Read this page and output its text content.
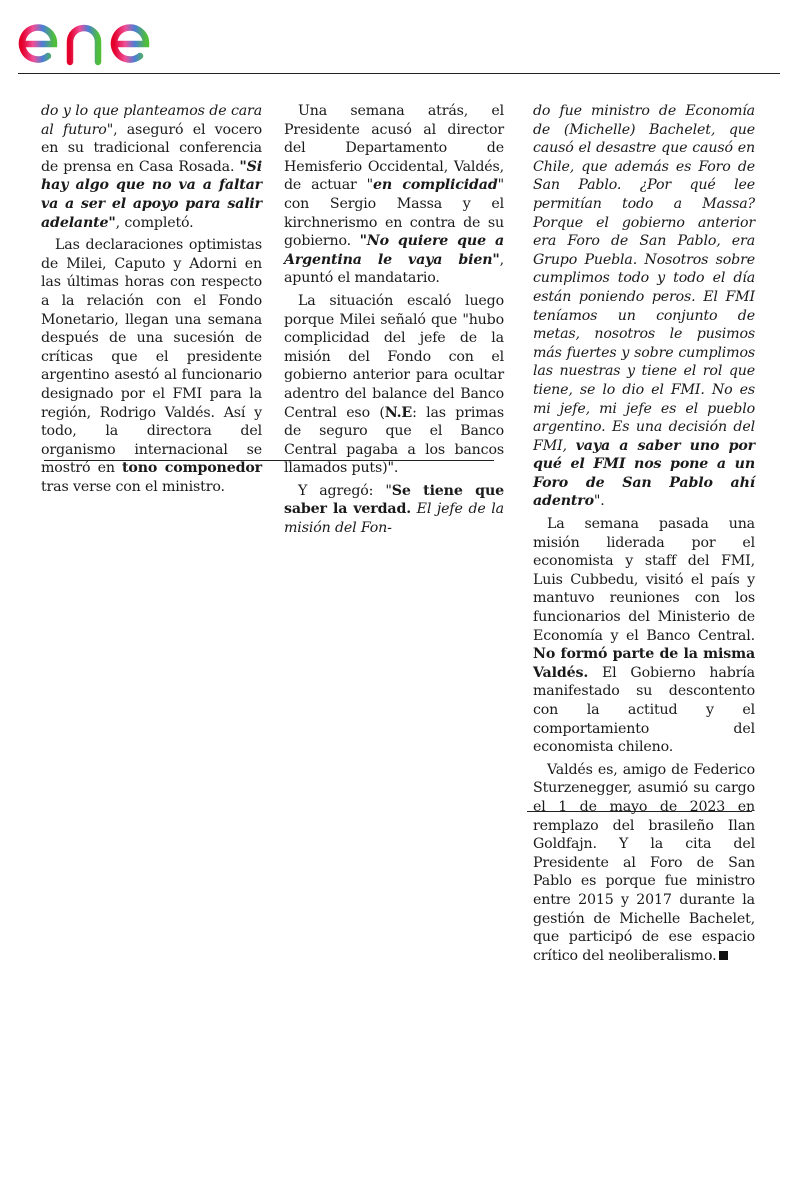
do y lo que planteamos de cara al futuro", aseguró el vocero en su tradicional conferencia de prensa en Casa Rosada. "Si hay algo que no va a faltar va a ser el apoyo para salir adelante", completó.

Las declaraciones optimistas de Milei, Caputo y Adorni en las últimas horas con respecto a la relación con el Fondo Monetario, llegan una semana después de una sucesión de críticas que el presidente argentino asestó al funcionario designado por el FMI para la región, Rodrigo Valdés. Así y todo, la directora del organismo internacional se mostró en tono componedor tras verse con el ministro.

Una semana atrás, el Presidente acusó al director del Departamento de Hemisferio Occidental, Valdés, de actuar "en complicidad" con Sergio Massa y el kirchnerismo en contra de su gobierno. "No quiere que a Argentina le vaya bien", apuntó el mandatario.

La situación escaló luego porque Milei señaló que "hubo complicidad del jefe de la misión del Fondo con el gobierno anterior para ocultar adentro del balance del Banco Central eso (N.E: las primas de seguro que el Banco Central pagaba a los bancos llamados puts)".

Y agregó: "Se tiene que saber la verdad. El jefe de la misión del Fon-

do fue ministro de Economía de (Michelle) Bachelet, que causó el desastre que causó en Chile, que además es Foro de San Pablo. ¿Por qué lee permitían todo a Massa? Porque el gobierno anterior era Foro de San Pablo, era Grupo Puebla. Nosotros sobre cumplimos todo y todo el día están poniendo peros. El FMI teníamos un conjunto de metas, nosotros le pusimos más fuertes y sobre cumplimos las nuestras y tiene el rol que tiene, se lo dio el FMI. No es mi jefe, mi jefe es el pueblo argentino. Es una decisión del FMI, vaya a saber uno por qué el FMI nos pone a un Foro de San Pablo ahí adentro".

La semana pasada una misión liderada por el economista y staff del FMI, Luis Cubbedu, visitó el país y mantuvo reuniones con los funcionarios del Ministerio de Economía y el Banco Central. No formó parte de la misma Valdés. El Gobierno habría manifestado su descontento con la actitud y el comportamiento del economista chileno.

Valdés es, amigo de Federico Sturzenegger, asumió su cargo el 1 de mayo de 2023 en remplazo del brasileño Ilan Goldfajn. Y la cita del Presidente al Foro de San Pablo es porque fue ministro entre 2015 y 2017 durante la gestión de Michelle Bachelet, que participó de ese espacio crítico del neoliberalismo.
